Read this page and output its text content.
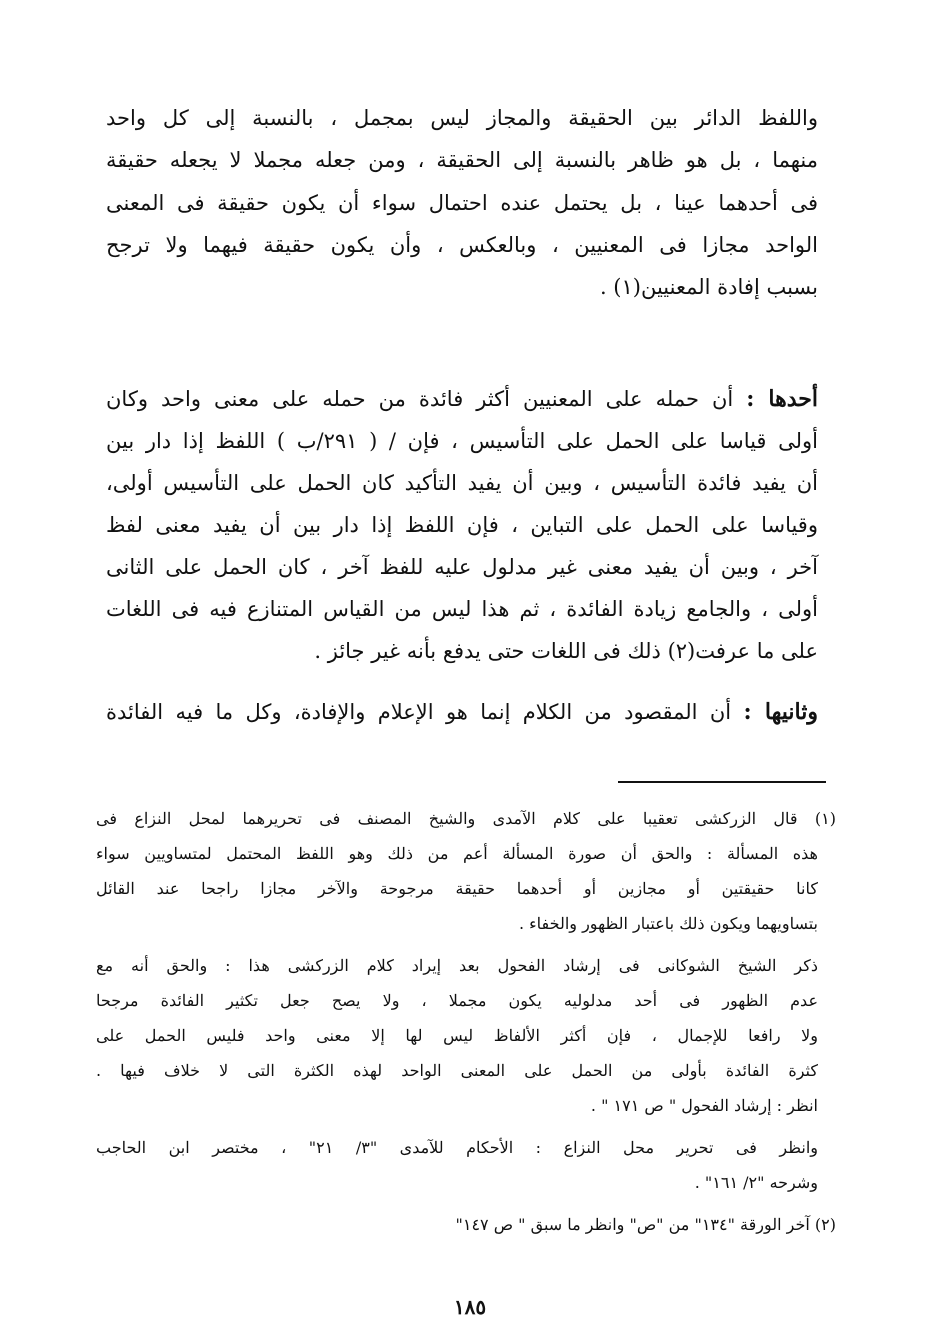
واللفظ الدائر بين الحقيقة والمجاز ليس بمجمل ، بالنسبة إلى كل واحد
منهما ، بل هو ظاهر بالنسبة إلى الحقيقة ، ومن جعله مجملا لا يجعله حقيقة
فى أحدهما عينا ، بل يحتمل عنده احتمال سواء أن يكون حقيقة فى المعنى
الواحد مجازا فى المعنيين ، وبالعكس ، وأن يكون حقيقة فيهما ولا ترجح
بسبب إفادة المعنيين(١) .
أحدها : أن حمله على المعنيين أكثر فائدة من حمله على معنى واحد وكان
أولى قياسا على الحمل على التأسيس ، فإن / ( ٢٩١/ب ) اللفظ إذا دار بين
أن يفيد فائدة التأسيس ، وبين أن يفيد التأكيد كان الحمل على التأسيس أولى،
وقياسا على الحمل على التباين ، فإن اللفظ إذا دار بين أن يفيد معنى لفظ
آخر ، وبين أن يفيد معنى غير مدلول عليه للفظ آخر ، كان الحمل على الثانى
أولى ، والجامع زيادة الفائدة ، ثم هذا ليس من القياس المتنازع فيه فى اللغات
على ما عرفت(٢) ذلك فى اللغات حتى يدفع بأنه غير جائز .
وثانيها : أن المقصود من الكلام إنما هو الإعلام والإفادة، وكل ما فيه الفائدة
(١) قال الزركشى تعقيبا على كلام الآمدى والشيخ المصنف فى تحريرهما لمحل النزاع فى
هذه المسألة : والحق أن صورة المسألة أعم من ذلك وهو اللفظ المحتمل لمتساويين سواء
كانا حقيقتين أو مجازين أو أحدهما حقيقة مرجوحة والآخر مجازا راجحا عند القائل
بتساويهما ويكون ذلك باعتبار الظهور والخفاء .
ذكر الشيخ الشوكانى فى إرشاد الفحول بعد إيراد كلام الزركشى هذا : والحق أنه مع
عدم الظهور فى أحد مدلوليه يكون مجملا ، ولا يصح جعل تكثير الفائدة مرجحا
ولا رافعا للإجمال ، فإن أكثر الألفاظ ليس لها إلا معنى واحد فليس الحمل على
كثرة الفائدة بأولى من الحمل على المعنى الواحد لهذه الكثرة التى لا خلاف فيها .
انظر : إرشاد الفحول " ص ١٧١ " .
وانظر فى تحرير محل النزاع : الأحكام للآمدى "٣/ ٢١" ، مختصر ابن الحاجب
وشرحه "٢/ ١٦١" .
(٢) آخر الورقة "١٣٤" من "ص" وانظر ما سبق " ص ١٤٧"
١٨٥
